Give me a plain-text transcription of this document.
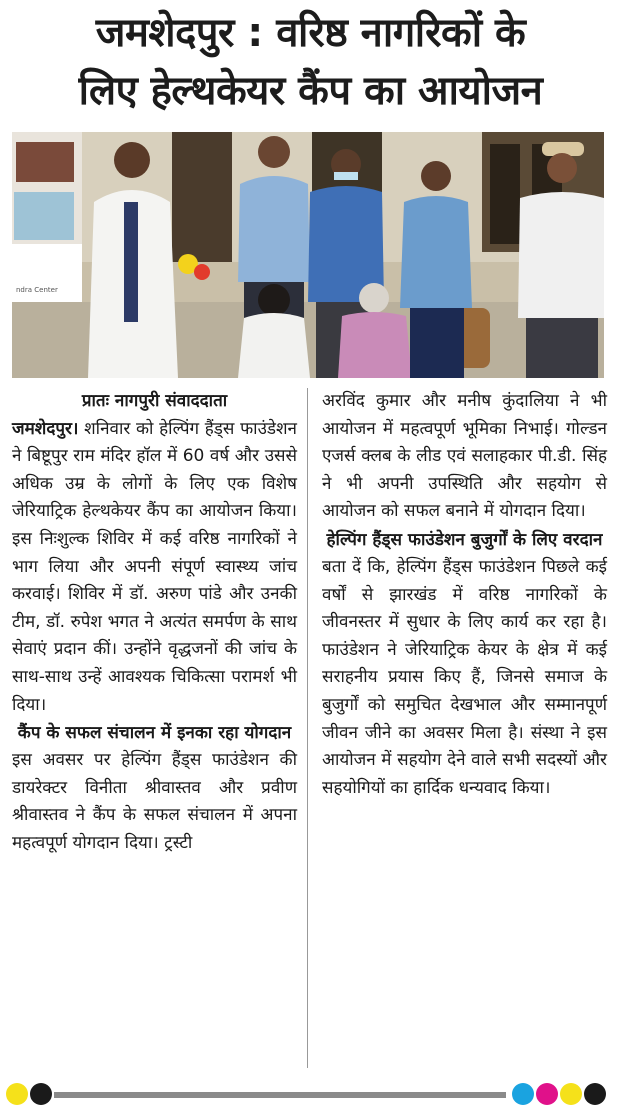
जमशेदपुर : वरिष्ठ नागरिकों के
लिए हेल्थकेयर कैंप का आयोजन
ndra Center

प्रातः नागपुरी संवाददाता

जमशेदपुर। शनिवार को हेल्पिंग हैंड्स फाउंडेशन ने बिष्टूपुर राम मंदिर हॉल में 60 वर्ष और उससे अधिक उम्र के लोगों के लिए एक विशेष जेरियाट्रिक हेल्थकेयर कैंप का आयोजन किया। इस निःशुल्क शिविर में कई वरिष्ठ नागरिकों ने भाग लिया और अपनी संपूर्ण स्वास्थ्य जांच करवाई। शिविर में डॉ. अरुण पांडे और उनकी टीम, डॉ. रुपेश भगत ने अत्यंत समर्पण के साथ सेवाएं प्रदान कीं। उन्होंने वृद्धजनों की जांच के साथ-साथ उन्हें आवश्यक चिकित्सा परामर्श भी दिया।

कैंप के सफल संचालन में इनका रहा योगदान

इस अवसर पर हेल्पिंग हैंड्स फाउंडेशन की डायरेक्टर विनीता श्रीवास्तव और प्रवीण श्रीवास्तव ने कैंप के सफल संचालन में अपना महत्वपूर्ण योगदान दिया। ट्रस्टी

अरविंद कुमार और मनीष कुंदालिया ने भी आयोजन में महत्वपूर्ण भूमिका निभाई। गोल्डन एजर्स क्लब के लीड एवं सलाहकार पी.डी. सिंह ने भी अपनी उपस्थिति और सहयोग से आयोजन को सफल बनाने में योगदान दिया।

हेल्पिंग हैंड्स फाउंडेशन बुजुर्गों के लिए वरदान

बता दें कि, हेल्पिंग हैंड्स फाउंडेशन पिछले कई वर्षों से झारखंड में वरिष्ठ नागरिकों के जीवनस्तर में सुधार के लिए कार्य कर रहा है। फाउंडेशन ने जेरियाट्रिक केयर के क्षेत्र में कई सराहनीय प्रयास किए हैं, जिनसे समाज के बुजुर्गों को समुचित देखभाल और सम्मानपूर्ण जीवन जीने का अवसर मिला है। संस्था ने इस आयोजन में सहयोग देने वाले सभी सदस्यों और सहयोगियों का हार्दिक धन्यवाद किया।
